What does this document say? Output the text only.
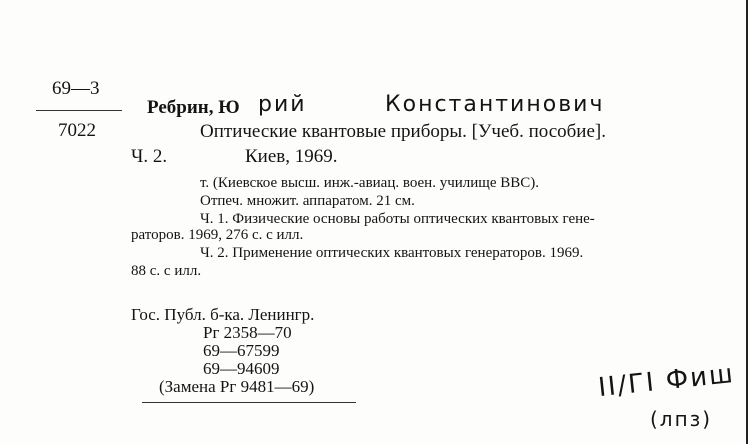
69—3
7022
Ребрин, Ю рий	Константинович
Оптические квантовые приборы. [Учеб. пособие].
Ч. 2.	Киев, 1969.
т. (Киевское высш. инж.-авиац. воен. училище ВВС).
Отпеч. множит. аппаратом. 21 см.
Ч. 1. Физические основы работы оптических квантовых гене-
раторов. 1969, 276 с. с илл.
Ч. 2. Применение оптических квантовых генераторов. 1969.
88 с. с илл.
Гос. Публ. б-ка. Ленингр.
Рг 2358—70
69—67599
69—94609
(Замена Рг 9481—69)	II/ГI Фиш
(лпз)
